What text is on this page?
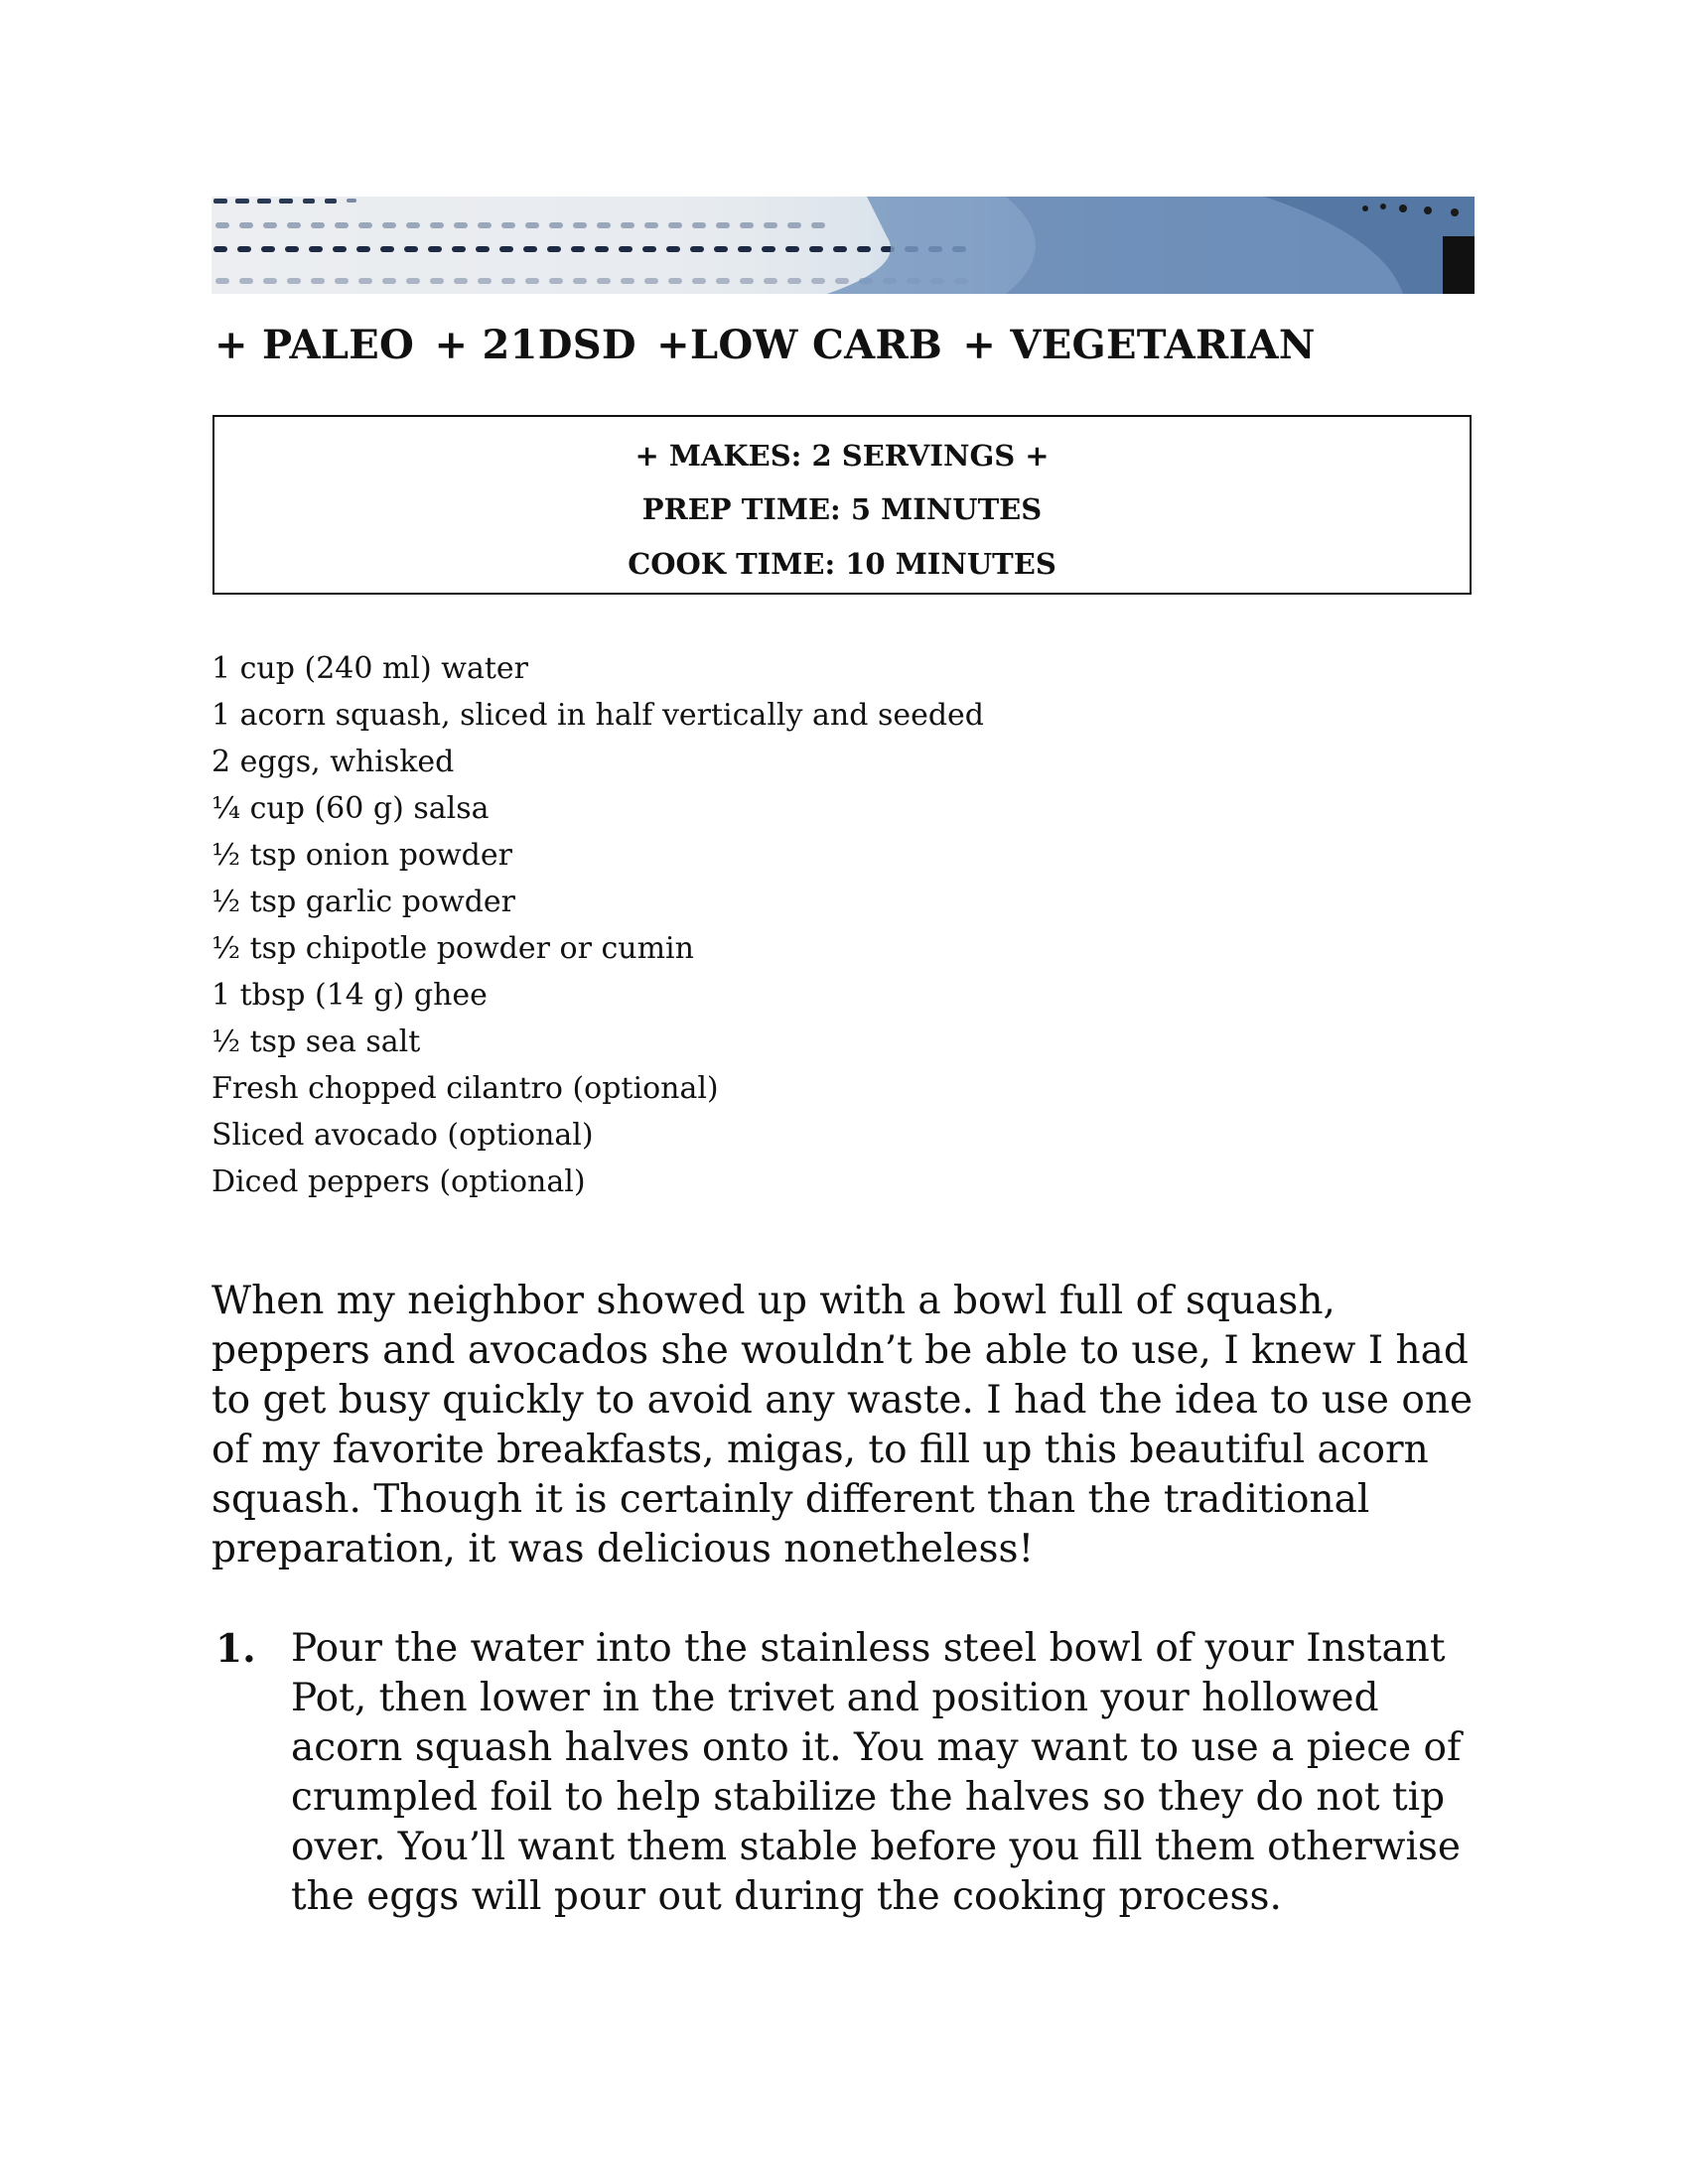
+ PALEO + 21DSD +LOW CARB + VEGETARIAN

+ MAKES: 2 SERVINGS +
PREP TIME: 5 MINUTES
COOK TIME: 10 MINUTES
1 cup (240 ml) water
1 acorn squash, sliced in half vertically and seeded
2 eggs, whisked
¼ cup (60 g) salsa
½ tsp onion powder
½ tsp garlic powder
½ tsp chipotle powder or cumin
1 tbsp (14 g) ghee
½ tsp sea salt
Fresh chopped cilantro (optional)
Sliced avocado (optional)
Diced peppers (optional)

When my neighbor showed up with a bowl full of squash, peppers and avocados she wouldn’t be able to use, I knew I had to get busy quickly to avoid any waste. I had the idea to use one of my favorite breakfasts, migas, to fill up this beautiful acorn squash. Though it is certainly different than the traditional preparation, it was delicious nonetheless!

1. Pour the water into the stainless steel bowl of your Instant Pot, then lower in the trivet and position your hollowed acorn squash halves onto it. You may want to use a piece of crumpled foil to help stabilize the halves so they do not tip over. You’ll want them stable before you fill them otherwise the eggs will pour out during the cooking process.
